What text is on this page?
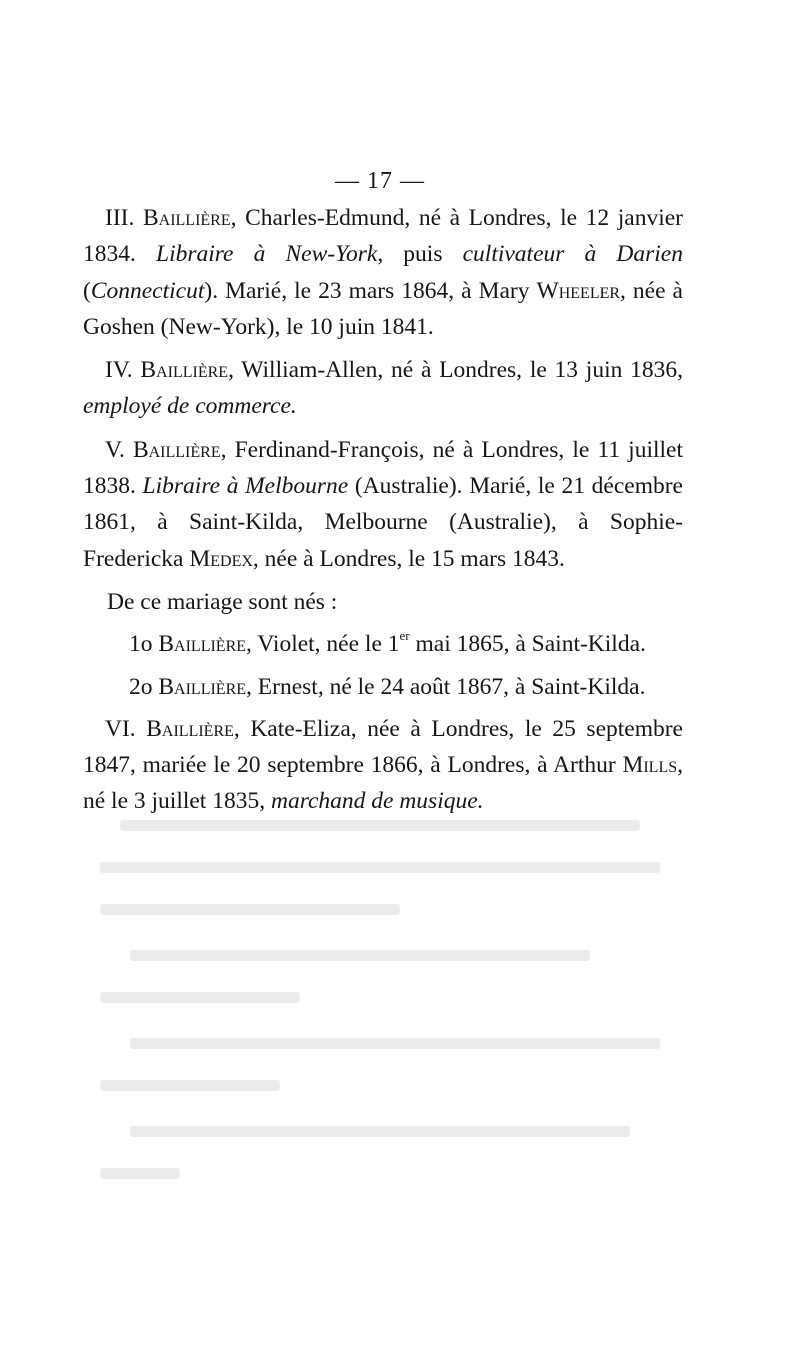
— 17 —

III. Baillière, Charles-Edmund, né à Londres, le 12 janvier 1834. Libraire à New-York, puis cultivateur à Darien (Connecticut). Marié, le 23 mars 1864, à Mary Wheeler, née à Goshen (New-York), le 10 juin 1841.

IV. Baillière, William-Allen, né à Londres, le 13 juin 1836, employé de commerce.

V. Baillière, Ferdinand-François, né à Londres, le 11 juillet 1838. Libraire à Melbourne (Australie). Marié, le 21 décembre 1861, à Saint-Kilda, Melbourne (Australie), à Sophie-Fredericka Medex, née à Londres, le 15 mars 1843.

De ce mariage sont nés :

1o Baillière, Violet, née le 1er mai 1865, à Saint-Kilda.

2o Baillière, Ernest, né le 24 août 1867, à Saint-Kilda.

VI. Baillière, Kate-Eliza, née à Londres, le 25 septembre 1847, mariée le 20 septembre 1866, à Londres, à Arthur Mills, né le 3 juillet 1835, marchand de musique.
